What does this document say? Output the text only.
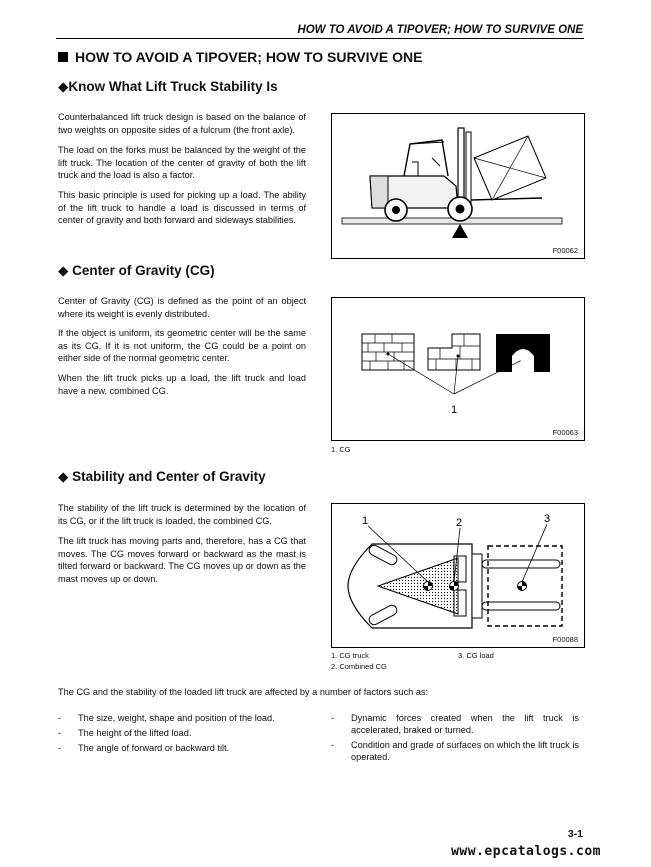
HOW TO AVOID A TIPOVER; HOW TO SURVIVE ONE
HOW TO AVOID A TIPOVER; HOW TO SURVIVE ONE
◆Know What Lift Truck Stability Is

Counterbalanced lift truck design is based on the balance of two weights on opposite sides of a fulcrum (the front axle).

The load on the forks must be balanced by the weight of the lift truck. The location of the center of gravity of both the lift truck and the load is also a factor.

This basic principle is used for picking up a load. The ability of the lift truck to handle a load is discussed in terms of center of gravity and both forward and sideways stabilities.

F00062
◆ Center of Gravity (CG)

Center of Gravity (CG) is defined as the point of an object where its weight is evenly distributed.

If the object is uniform, its geometric center will be the same as its CG. If it is not uniform, the CG could be a point on either side of the normal geometric center.

When the lift truck picks up a load, the lift truck and load have a new, combined CG.

1
F00063
1. CG
◆ Stability and Center of Gravity

The stability of the lift truck is determined by the location of its CG, or if the lift truck is loaded, the combined CG.

The lift truck has moving parts and, therefore, has a CG that moves. The CG moves forward or backward as the mast is tilted forward or backward. The CG moves up or down as the mast moves up or down.

1	2	3
F00088
1. CG truck
2. Combined CG
3. CG load
The CG and the stability of the loaded lift truck are affected by a number of factors such as:
- The size, weight, shape and position of the load.
- The height of the lifted load.
- The angle of forward or backward tilt.
- Dynamic forces created when the lift truck is accelerated, braked or turned.
- Condition and grade of surfaces on which the lift truck is operated.
3-1
www.epcatalogs.com
